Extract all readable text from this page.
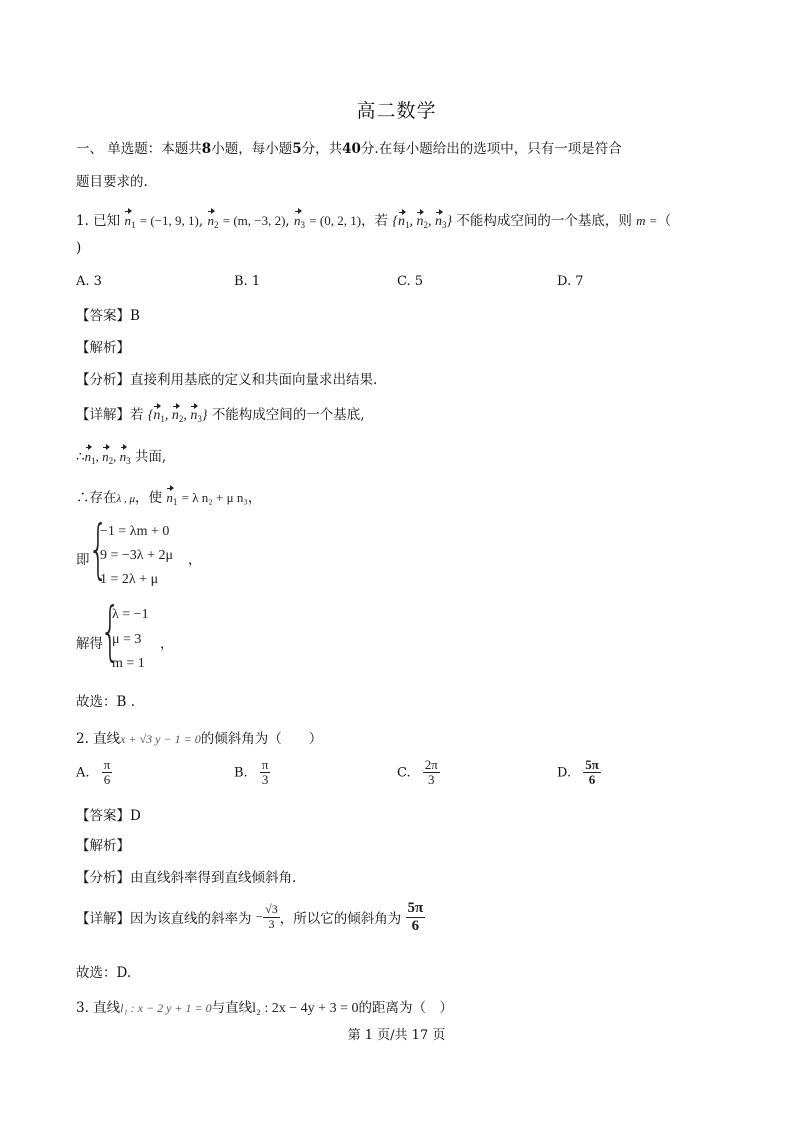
高二数学
一、 单选题：本题共8小题，每小题5分，共40分.在每小题给出的选项中，只有一项是符合
题目要求的.
1. 已知 $n_1 = (-1$, 9, 1), $n_2 = (m$, −3, 2), $n_3 = (0$, 2, 1)，若 {$n_1$, $n_2$, $n_3$} 不能构成空间的一个基底，则 m =（
)
A. 3	B. 1	C. 5	D. 7
【答案】B
【解析】
【分析】直接利用基底的定义和共面向量求出结果.
【详解】若 {$n_1$, $n_2$, $n_3$} 不能构成空间的一个基底,
$\therefore n_1$, $n_2$, $n_3$ 共面,
∴存在λ , μ，使 $n_1 = \lambda$ n₂ + μ n₃，
即
{
−1 = λm + 0
9 = −3λ + 2μ
1 = 2λ + μ
，
解得
{
λ = −1
μ = 3
m = 1
，
故选：B .
2. 直线x + √3 y − 1 = 0的倾斜角为（　　）
A. $\frac{\pi}{6}$	B. $\frac{\pi}{3}$	C. $\frac{2\pi}{3}$	D. $\frac{5\pi}{6}$
【答案】D
【解析】
【分析】由直线斜率得到直线倾斜角.
【详解】因为该直线的斜率为 − $\frac{√3}{3}$ ，所以它的倾斜角为 $\frac{5\pi}{6}$
故选：D.
3. 直线l₁ : x − 2 y + 1 = 0与直线l₂ : 2x − 4y + 3 = 0的距离为（　）
第 1 页/共 17 页
